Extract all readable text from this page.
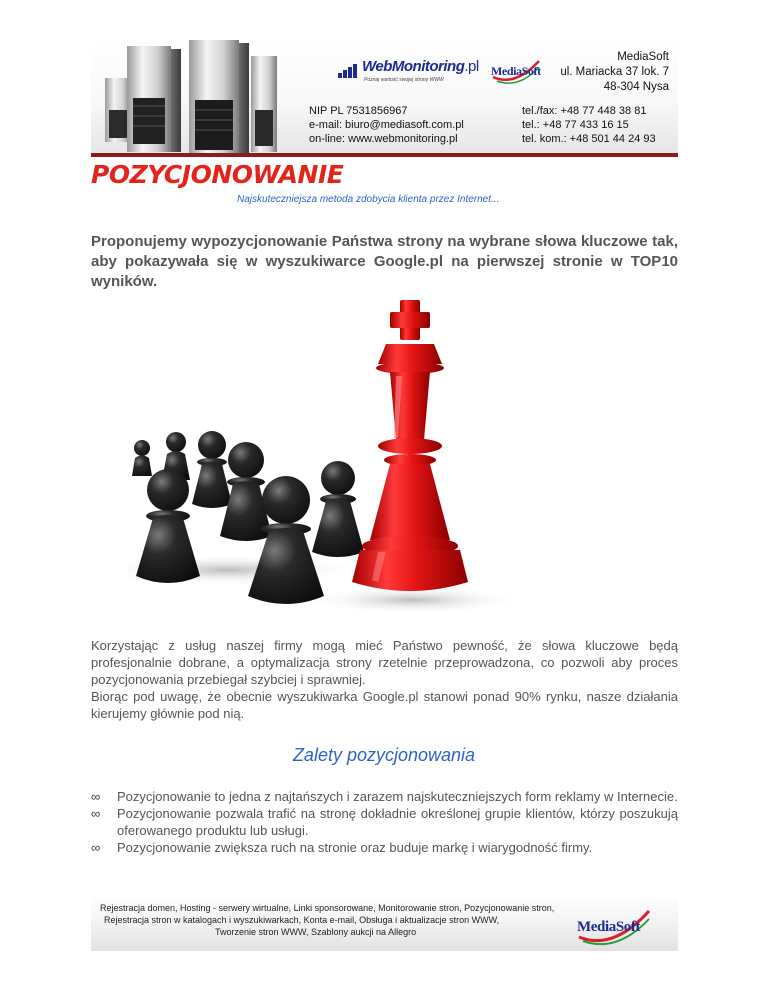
WebMonitoring.pl
Poznaj wartość swojej strony WWW
MediaSoft
MediaSoft
ul. Mariacka 37 lok. 7
48-304 Nysa
NIP PL 7531856967
e-mail: biuro@mediasoft.com.pl
on-line: www.webmonitoring.pl
tel./fax: +48 77 448 38 81
tel.: +48 77 433 16 15
tel. kom.: +48 501 44 24 93
POZYCJONOWANIE
Najskuteczniejsza metoda zdobycia klienta przez Internet...
Proponujemy wypozycjonowanie Państwa strony na wybrane słowa kluczowe tak, aby pokazywała się w wyszukiwarce Google.pl na pierwszej stronie w TOP10 wyników.

Korzystając z usług naszej firmy mogą mieć Państwo pewność, że słowa kluczowe będą profesjonalnie dobrane, a optymalizacja strony rzetelnie przeprowadzona, co pozwoli aby proces pozycjonowania przebiegał szybciej i sprawniej.

Biorąc pod uwagę, że obecnie wyszukiwarka Google.pl stanowi ponad 90% rynku, nasze działania kierujemy głównie pod nią.

Zalety pozycjonowania
∞ Pozycjonowanie to jedna z najtańszych i zarazem najskuteczniejszych form reklamy w Internecie.
∞ Pozycjonowanie pozwala trafić na stronę dokładnie określonej grupie klientów, którzy poszukują oferowanego produktu lub usługi.
∞ Pozycjonowanie zwiększa ruch na stronie oraz buduje markę i wiarygodność firmy.
Rejestracja domen, Hosting - serwery wirtualne, Linki sponsorowane, Monitorowanie stron, Pozycjonowanie stron,
Rejestracja stron w katalogach i wyszukiwarkach, Konta e-mail, Obsługa i aktualizacje stron WWW,
Tworzenie stron WWW, Szablony aukcji na Allegro	MediaSoft
